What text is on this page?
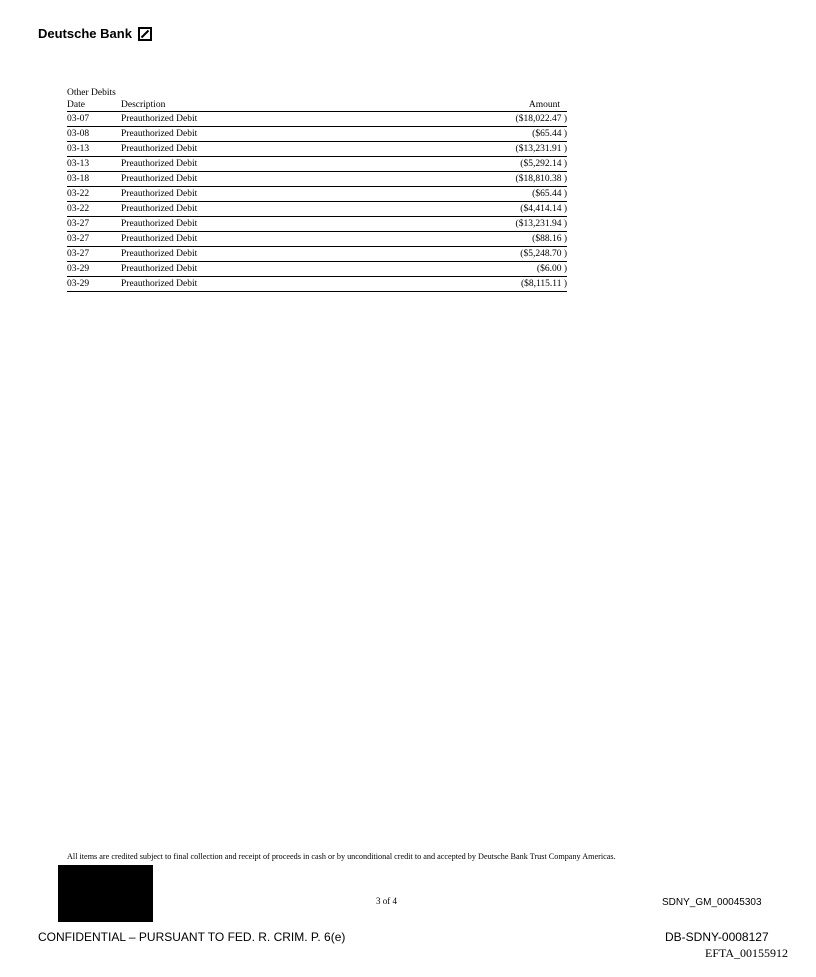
Deutsche Bank
Other Debits
Date	Description	Amount
03-07	Preauthorized Debit	($18,022.47 )
03-08	Preauthorized Debit	($65.44 )
03-13	Preauthorized Debit	($13,231.91 )
03-13	Preauthorized Debit	($5,292.14 )
03-18	Preauthorized Debit	($18,810.38 )
03-22	Preauthorized Debit	($65.44 )
03-22	Preauthorized Debit	($4,414.14 )
03-27	Preauthorized Debit	($13,231.94 )
03-27	Preauthorized Debit	($88.16 )
03-27	Preauthorized Debit	($5,248.70 )
03-29	Preauthorized Debit	($6.00 )
03-29	Preauthorized Debit	($8,115.11 )
All items are credited subject to final collection and receipt of proceeds in cash or by unconditional credit to and accepted by Deutsche Bank Trust Company Americas.
3 of 4	SDNY_GM_00045303
CONFIDENTIAL – PURSUANT TO FED. R. CRIM. P. 6(e)	DB-SDNY-0008127
EFTA_00155912
